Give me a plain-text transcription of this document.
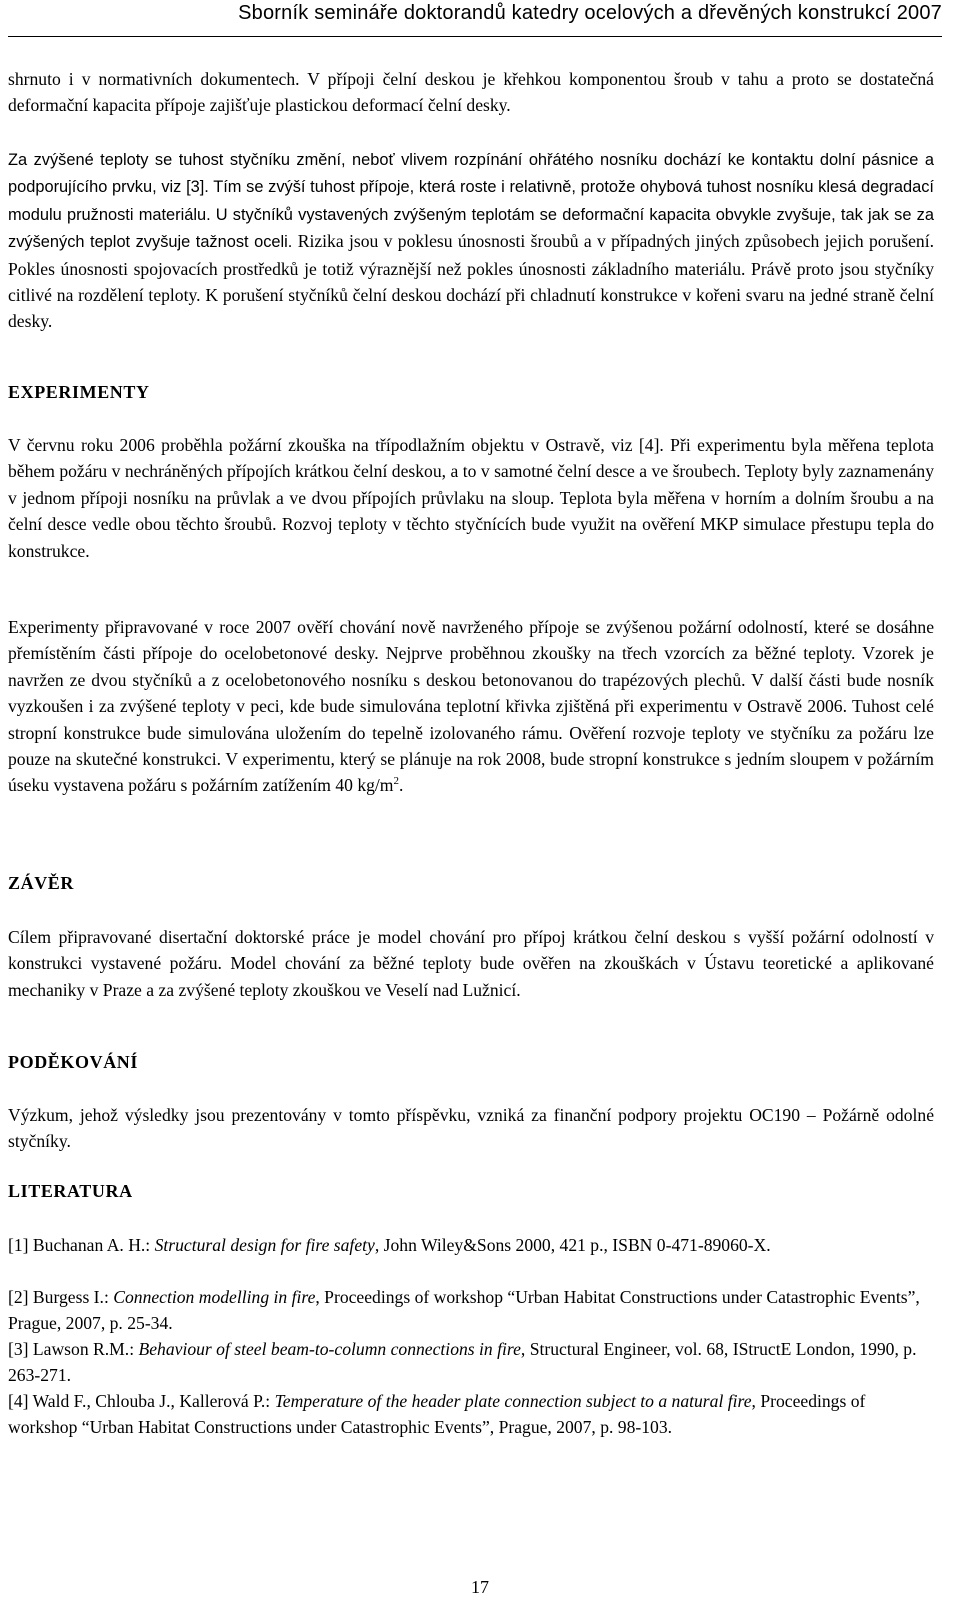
Sborník semináře doktorandů katedry ocelových a dřevěných konstrukcí 2007

shrnuto i v normativních dokumentech. V přípoji čelní deskou je křehkou komponentou šroub v tahu a proto se dostatečná deformační kapacita přípoje zajišťuje plastickou deformací čelní desky.

Za zvýšené teploty se tuhost styčníku změní, neboť vlivem rozpínání ohřátého nosníku dochází ke kontaktu dolní pásnice a podporujícího prvku, viz [3]. Tím se zvýší tuhost přípoje, která roste i relativně, protože ohybová tuhost nosníku klesá degradací modulu pružnosti materiálu. U styčníků vystavených zvýšeným teplotám se deformační kapacita obvykle zvyšuje, tak jak se za zvýšených teplot zvyšuje tažnost oceli. Rizika jsou v poklesu únosnosti šroubů a v případných jiných způsobech jejich porušení. Pokles únosnosti spojovacích prostředků je totiž výraznější než pokles únosnosti základního materiálu. Právě proto jsou styčníky citlivé na rozdělení teploty. K porušení styčníků čelní deskou dochází při chladnutí konstrukce v kořeni svaru na jedné straně čelní desky.

EXPERIMENTY

V červnu roku 2006 proběhla požární zkouška na třípodlažním objektu v Ostravě, viz [4]. Při experimentu byla měřena teplota během požáru v nechráněných přípojích krátkou čelní deskou, a to v samotné čelní desce a ve šroubech. Teploty byly zaznamenány v jednom přípoji nosníku na průvlak a ve dvou přípojích průvlaku na sloup. Teplota byla měřena v horním a dolním šroubu a na čelní desce vedle obou těchto šroubů. Rozvoj teploty v těchto styčnících bude využit na ověření MKP simulace přestupu tepla do konstrukce.

Experimenty připravované v roce 2007 ověří chování nově navrženého přípoje se zvýšenou požární odolností, které se dosáhne přemístěním části přípoje do ocelobetonové desky. Nejprve proběhnou zkoušky na třech vzorcích za běžné teploty. Vzorek je navržen ze dvou styčníků a z ocelobetonového nosníku s deskou betonovanou do trapézových plechů. V další části bude nosník vyzkoušen i za zvýšené teploty v peci, kde bude simulována teplotní křivka zjištěná při experimentu v Ostravě 2006. Tuhost celé stropní konstrukce bude simulována uložením do tepelně izolovaného rámu. Ověření rozvoje teploty ve styčníku za požáru lze pouze na skutečné konstrukci. V experimentu, který se plánuje na rok 2008, bude stropní konstrukce s jedním sloupem v požárním úseku vystavena požáru s požárním zatížením 40 $kg/m^2$.

ZÁVĚR

Cílem připravované disertační doktorské práce je model chování pro přípoj krátkou čelní deskou s vyšší požární odolností v konstrukci vystavené požáru. Model chování za běžné teploty bude ověřen na zkouškách v Ústavu teoretické a aplikované mechaniky v Praze a za zvýšené teploty zkouškou ve Veselí nad Lužnicí.

PODĚKOVÁNÍ

Výzkum, jehož výsledky jsou prezentovány v tomto příspěvku, vzniká za finanční podpory projektu OC190 – Požárně odolné styčníky.

LITERATURA

[1] Buchanan A. H.: Structural design for fire safety, John Wiley&Sons 2000, 421 p., ISBN 0-471-89060-X.

[2] Burgess I.: Connection modelling in fire, Proceedings of workshop “Urban Habitat Constructions under Catastrophic Events”, Prague, 2007, p. 25-34.

[3] Lawson R.M.: Behaviour of steel beam-to-column connections in fire, Structural Engineer, vol. 68, IStructE London, 1990, p. 263-271.

[4] Wald F., Chlouba J., Kallerová P.: Temperature of the header plate connection subject to a natural fire, Proceedings of workshop “Urban Habitat Constructions under Catastrophic Events”, Prague, 2007, p. 98-103.

17
